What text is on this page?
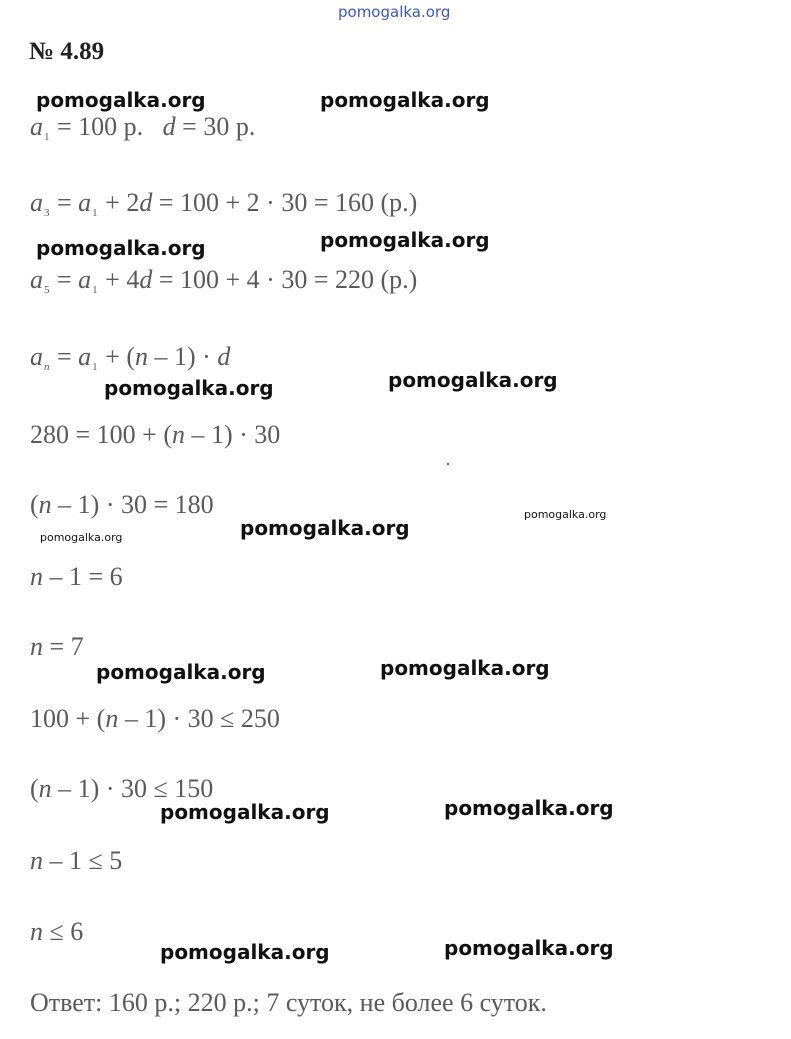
pomogalka.org
№ 4.89
$a_1 = 100$ р.   d = 30 р.
$a_3 = a_1 + 2d = 100 + 2 \cdot 30 = 160$ (р.)
$a_5 = a_1 + 4d = 100 + 4 \cdot 30 = 220$ (р.)
$a_n = a_1 + (n - 1) \cdot d$
280 = 100 + (n – 1) · 30
(n – 1) · 30 = 180
n – 1 = 6
n = 7
100 + (n – 1) · 30 ≤ 250
(n – 1) · 30 ≤ 150
n – 1 ≤ 5
n ≤ 6
Ответ: 160 р.; 220 р.; 7 суток, не более 6 суток.
pomogalka.org	pomogalka.org
pomogalka.org	pomogalka.org
pomogalka.org	pomogalka.org
pomogalka.org
pomogalka.org
pomogalka.org
pomogalka.org	pomogalka.org
pomogalka.org	pomogalka.org
pomogalka.org	pomogalka.org
